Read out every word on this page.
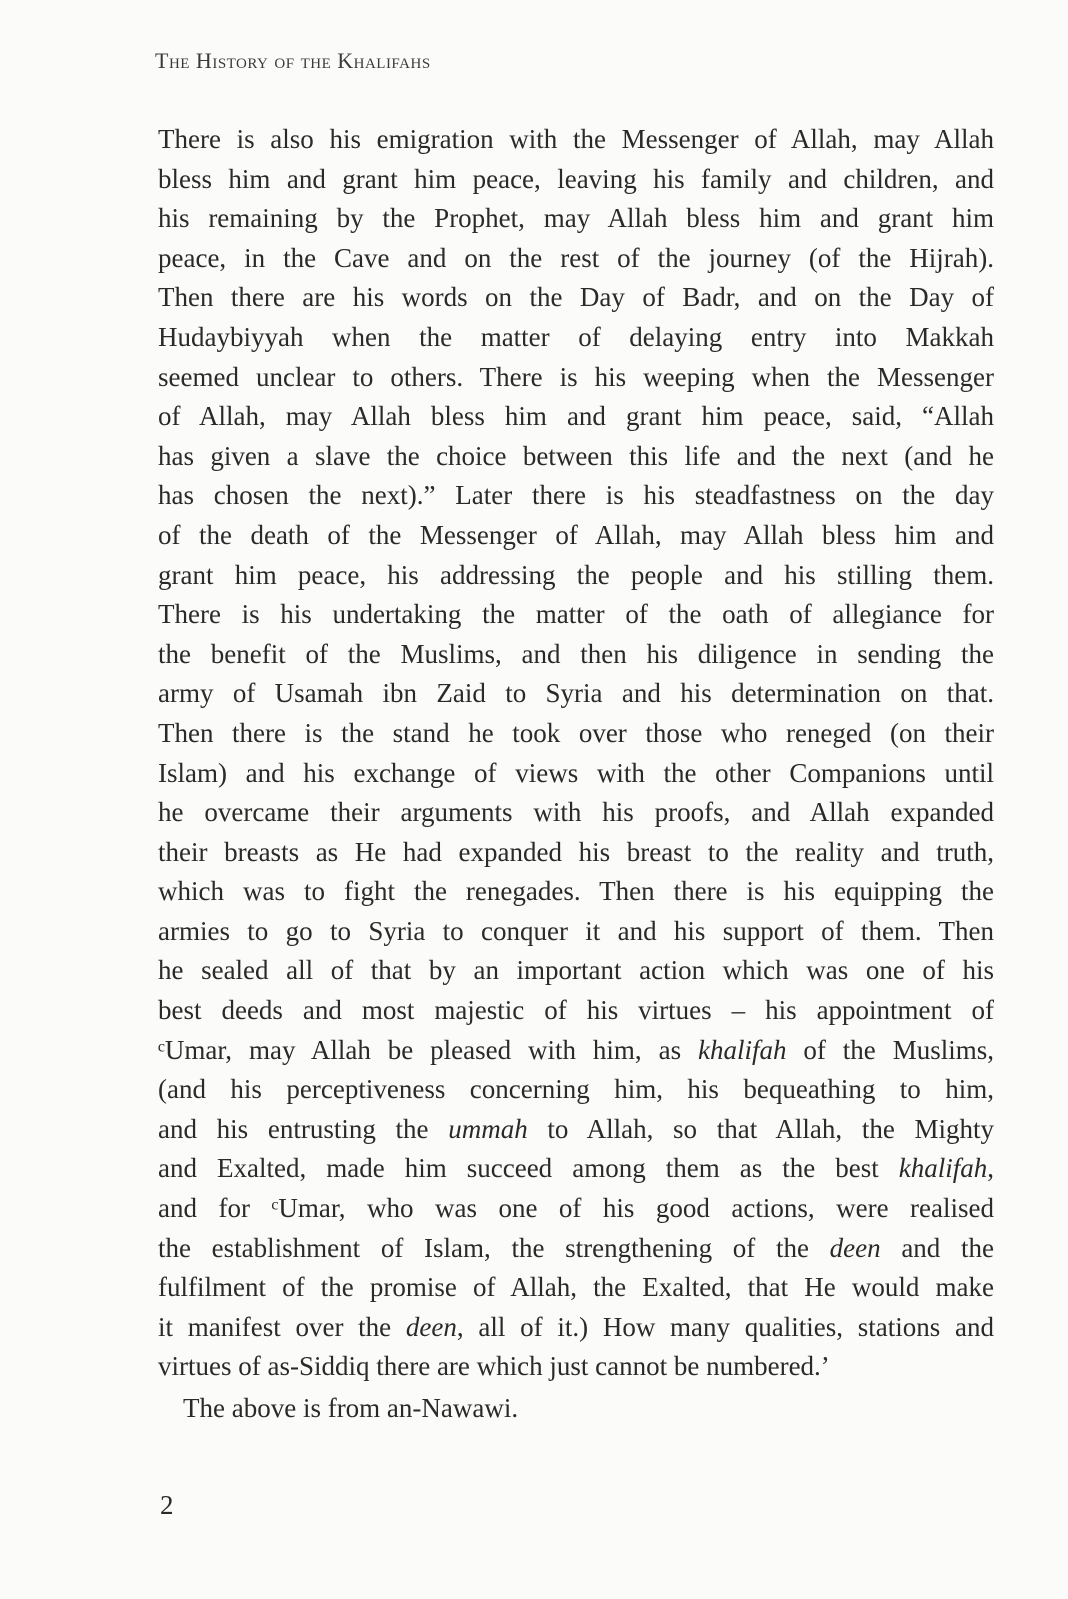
The History of the Khalifahs
There is also his emigration with the Messenger of Allah, may Allah
bless him and grant him peace, leaving his family and children, and
his remaining by the Prophet, may Allah bless him and grant him
peace, in the Cave and on the rest of the journey (of the Hijrah).
Then there are his words on the Day of Badr, and on the Day of
Hudaybiyyah when the matter of delaying entry into Makkah
seemed unclear to others. There is his weeping when the Messenger
of Allah, may Allah bless him and grant him peace, said, “Allah
has given a slave the choice between this life and the next (and he
has chosen the next).” Later there is his steadfastness on the day
of the death of the Messenger of Allah, may Allah bless him and
grant him peace, his addressing the people and his stilling them.
There is his undertaking the matter of the oath of allegiance for
the benefit of the Muslims, and then his diligence in sending the
army of Usamah ibn Zaid to Syria and his determination on that.
Then there is the stand he took over those who reneged (on their
Islam) and his exchange of views with the other Companions until
he overcame their arguments with his proofs, and Allah expanded
their breasts as He had expanded his breast to the reality and truth,
which was to fight the renegades. Then there is his equipping the
armies to go to Syria to conquer it and his support of them. Then
he sealed all of that by an important action which was one of his
best deeds and most majestic of his virtues – his appointment of
ᶜUmar, may Allah be pleased with him, as khalifah of the Muslims,
(and his perceptiveness concerning him, his bequeathing to him,
and his entrusting the ummah to Allah, so that Allah, the Mighty
and Exalted, made him succeed among them as the best khalifah,
and for ᶜUmar, who was one of his good actions, were realised
the establishment of Islam, the strengthening of the deen and the
fulfilment of the promise of Allah, the Exalted, that He would make
it manifest over the deen, all of it.) How many qualities, stations and
virtues of as-Siddiq there are which just cannot be numbered.’
The above is from an-Nawawi.
2
